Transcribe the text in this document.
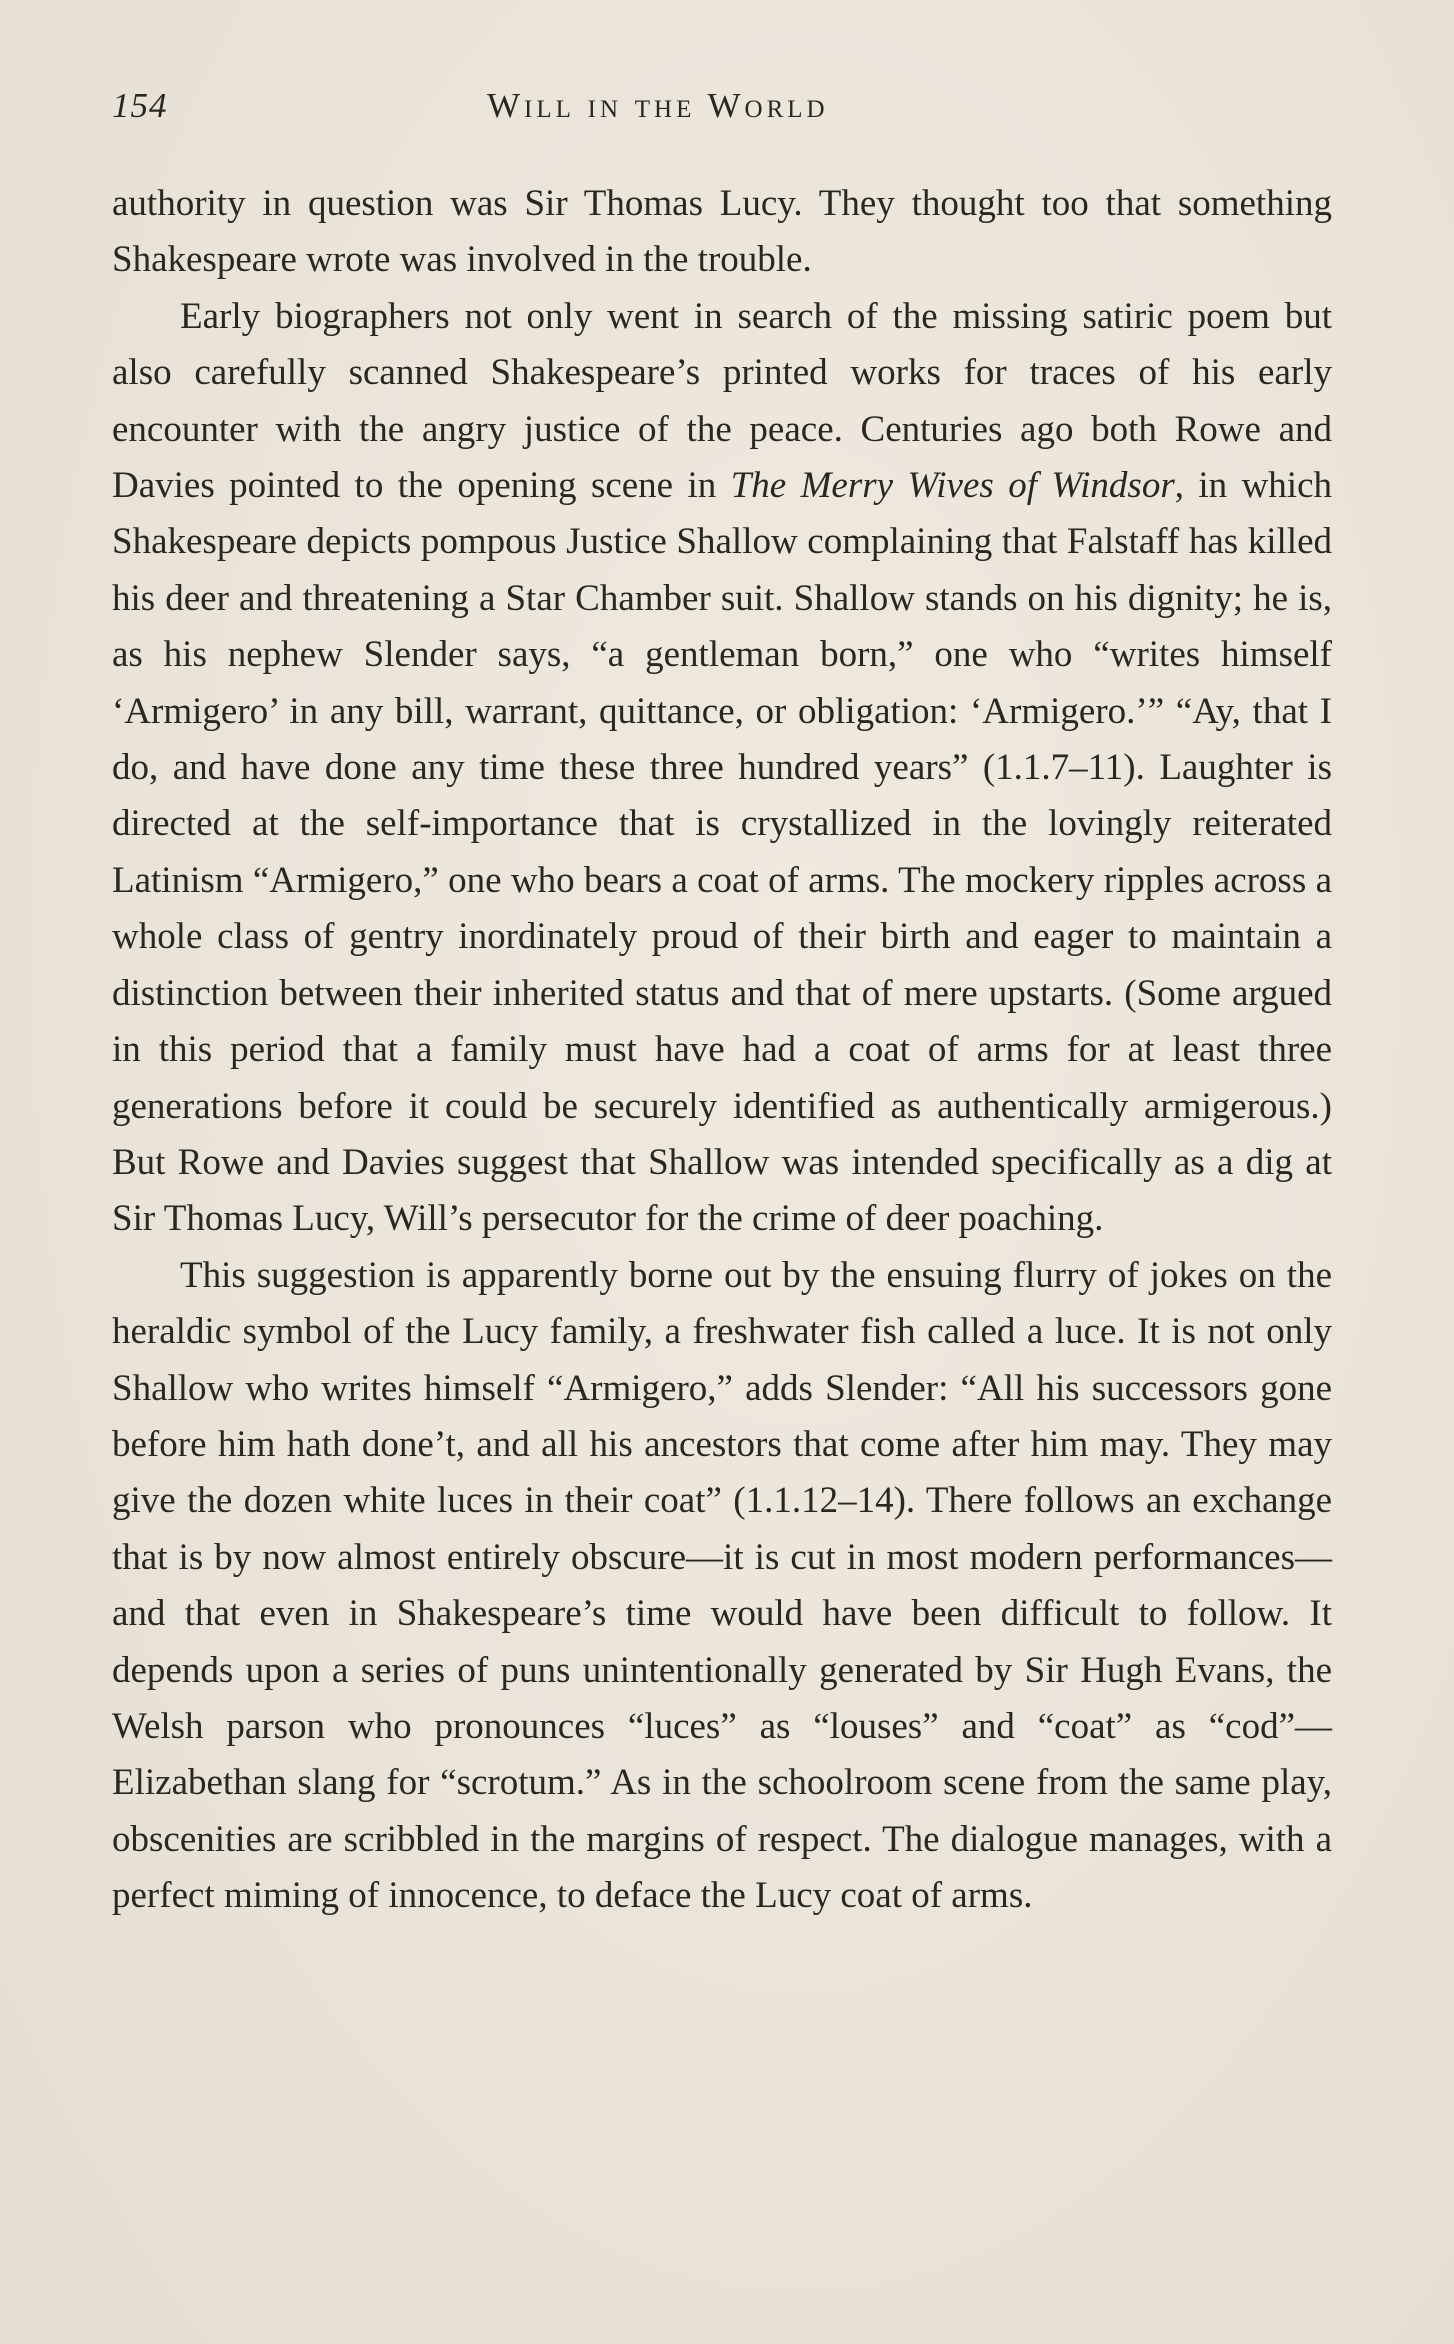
154	Will in the World

authority in question was Sir Thomas Lucy. They thought too that something Shakespeare wrote was involved in the trouble.

Early biographers not only went in search of the missing satiric poem but also carefully scanned Shakespeare’s printed works for traces of his early encounter with the angry justice of the peace. Centuries ago both Rowe and Davies pointed to the opening scene in The Merry Wives of Windsor, in which Shakespeare depicts pompous Justice Shallow complaining that Falstaff has killed his deer and threatening a Star Chamber suit. Shallow stands on his dignity; he is, as his nephew Slender says, “a gentleman born,” one who “writes himself ‘Armigero’ in any bill, warrant, quittance, or obligation: ‘Armigero.’” “Ay, that I do, and have done any time these three hundred years” (1.1.7–11). Laughter is directed at the self-importance that is crystallized in the lovingly reiterated Latinism “Armigero,” one who bears a coat of arms. The mockery ripples across a whole class of gentry inordinately proud of their birth and eager to maintain a distinction between their inherited status and that of mere upstarts. (Some argued in this period that a family must have had a coat of arms for at least three generations before it could be securely identified as authentically armigerous.) But Rowe and Davies suggest that Shallow was intended specifically as a dig at Sir Thomas Lucy, Will’s persecutor for the crime of deer poaching.

This suggestion is apparently borne out by the ensuing flurry of jokes on the heraldic symbol of the Lucy family, a freshwater fish called a luce. It is not only Shallow who writes himself “Armigero,” adds Slender: “All his successors gone before him hath done’t, and all his ancestors that come after him may. They may give the dozen white luces in their coat” (1.1.12–14). There follows an exchange that is by now almost entirely obscure—it is cut in most modern performances—and that even in Shakespeare’s time would have been difficult to follow. It depends upon a series of puns unintentionally generated by Sir Hugh Evans, the Welsh parson who pronounces “luces” as “louses” and “coat” as “cod”—Elizabethan slang for “scrotum.” As in the schoolroom scene from the same play, obscenities are scribbled in the margins of respect. The dialogue manages, with a perfect miming of innocence, to deface the Lucy coat of arms.
